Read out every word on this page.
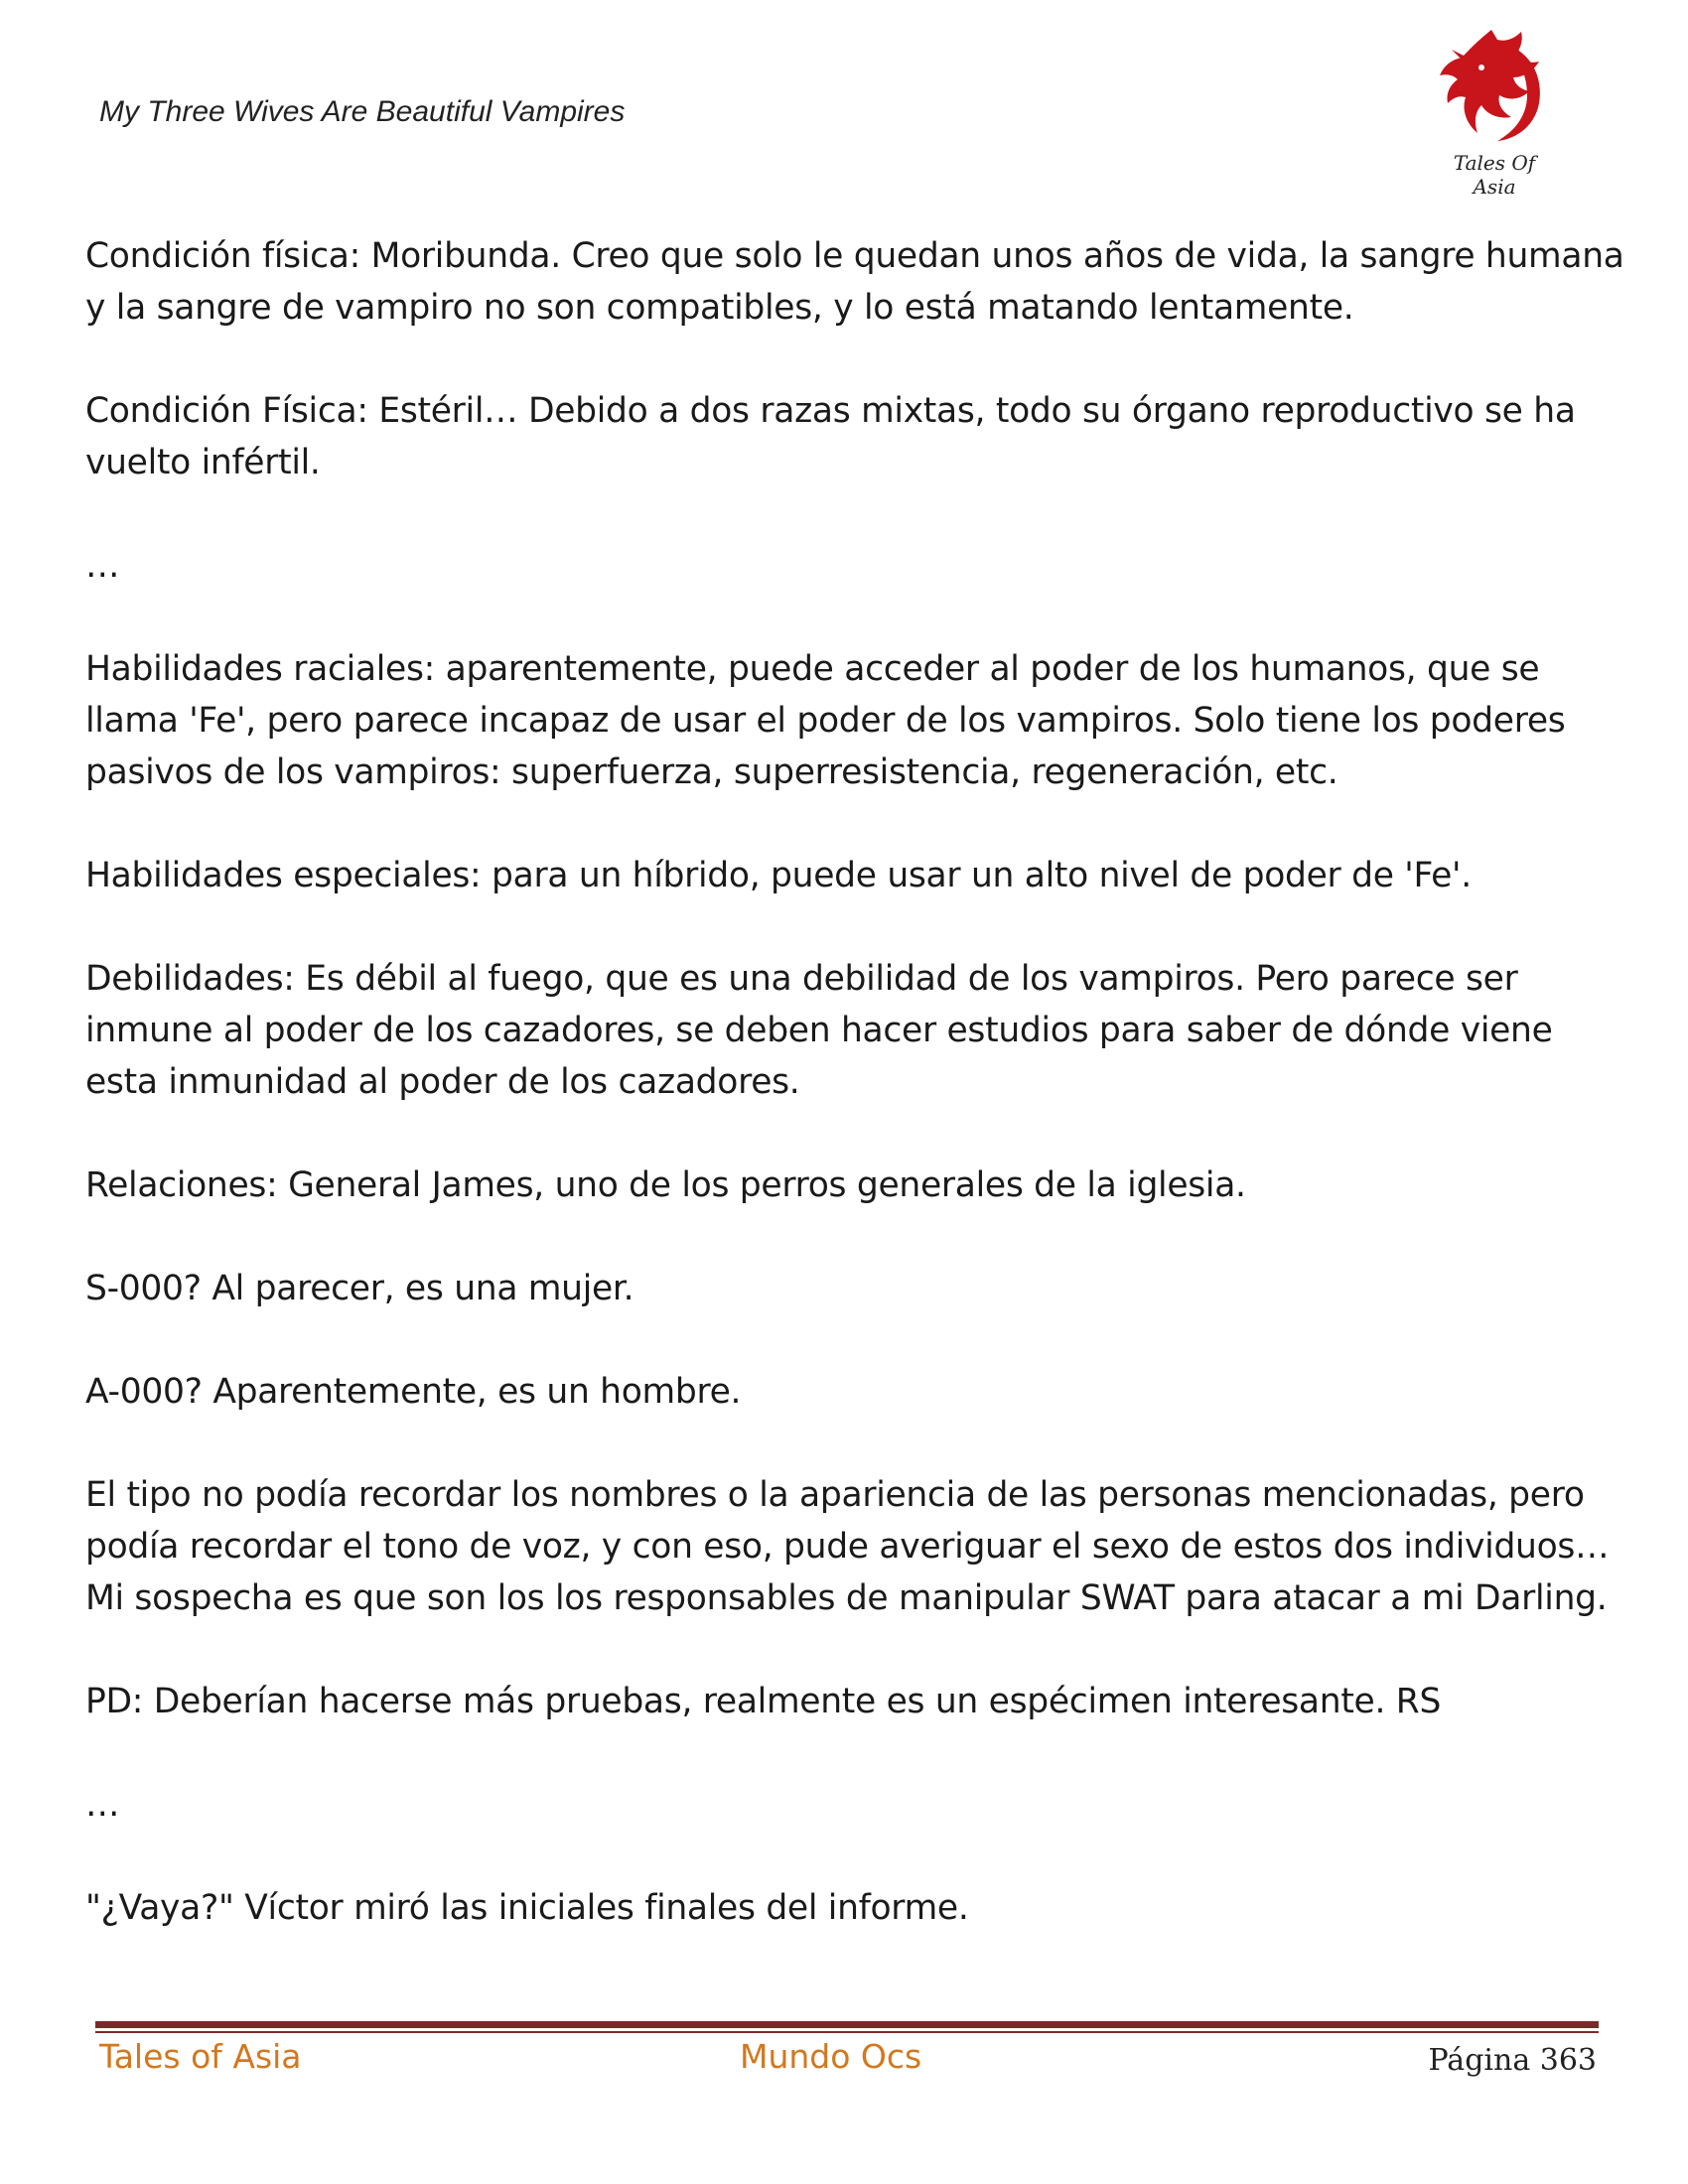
My Three Wives Are Beautiful Vampires
Tales Of Asia

Condición física: Moribunda. Creo que solo le quedan unos años de vida, la sangre humana y la sangre de vampiro no son compatibles, y lo está matando lentamente.

Condición Física: Estéril… Debido a dos razas mixtas, todo su órgano reproductivo se ha vuelto infértil.

…

Habilidades raciales: aparentemente, puede acceder al poder de los humanos, que se llama 'Fe', pero parece incapaz de usar el poder de los vampiros. Solo tiene los poderes pasivos de los vampiros: superfuerza, superresistencia, regeneración, etc.

Habilidades especiales: para un híbrido, puede usar un alto nivel de poder de 'Fe'.

Debilidades: Es débil al fuego, que es una debilidad de los vampiros. Pero parece ser inmune al poder de los cazadores, se deben hacer estudios para saber de dónde viene esta inmunidad al poder de los cazadores.

Relaciones: General James, uno de los perros generales de la iglesia.

S-000? Al parecer, es una mujer.

A-000? Aparentemente, es un hombre.

El tipo no podía recordar los nombres o la apariencia de las personas mencionadas, pero podía recordar el tono de voz, y con eso, pude averiguar el sexo de estos dos individuos… Mi sospecha es que son los los responsables de manipular SWAT para atacar a mi Darling.

PD: Deberían hacerse más pruebas, realmente es un espécimen interesante. RS

…

"¿Vaya?" Víctor miró las iniciales finales del informe.

Tales of Asia	Mundo Ocs	Página 363
